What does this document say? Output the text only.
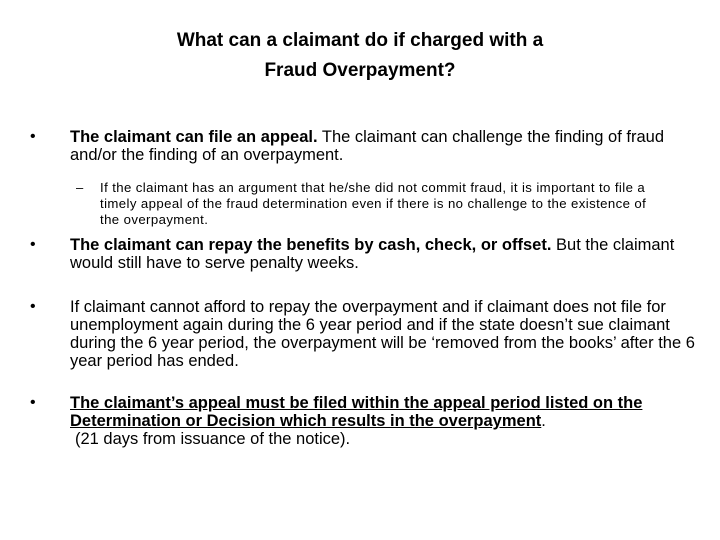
What can a claimant do if charged with a
Fraud Overpayment?
• The claimant can file an appeal. The claimant can challenge the finding of fraud and/or the finding of an overpayment.
– If the claimant has an argument that he/she did not commit fraud, it is important to file a timely appeal of the fraud determination even if there is no challenge to the existence of the overpayment.
• The claimant can repay the benefits by cash, check, or offset. But the claimant would still have to serve penalty weeks.
• If claimant cannot afford to repay the overpayment and if claimant does not file for unemployment again during the 6 year period and if the state doesn’t sue claimant during the 6 year period, the overpayment will be ‘removed from the books’ after the 6 year period has ended.
• The claimant’s appeal must be filed within the appeal period listed on the Determination or Decision which results in the overpayment.
(21 days from issuance of the notice).
